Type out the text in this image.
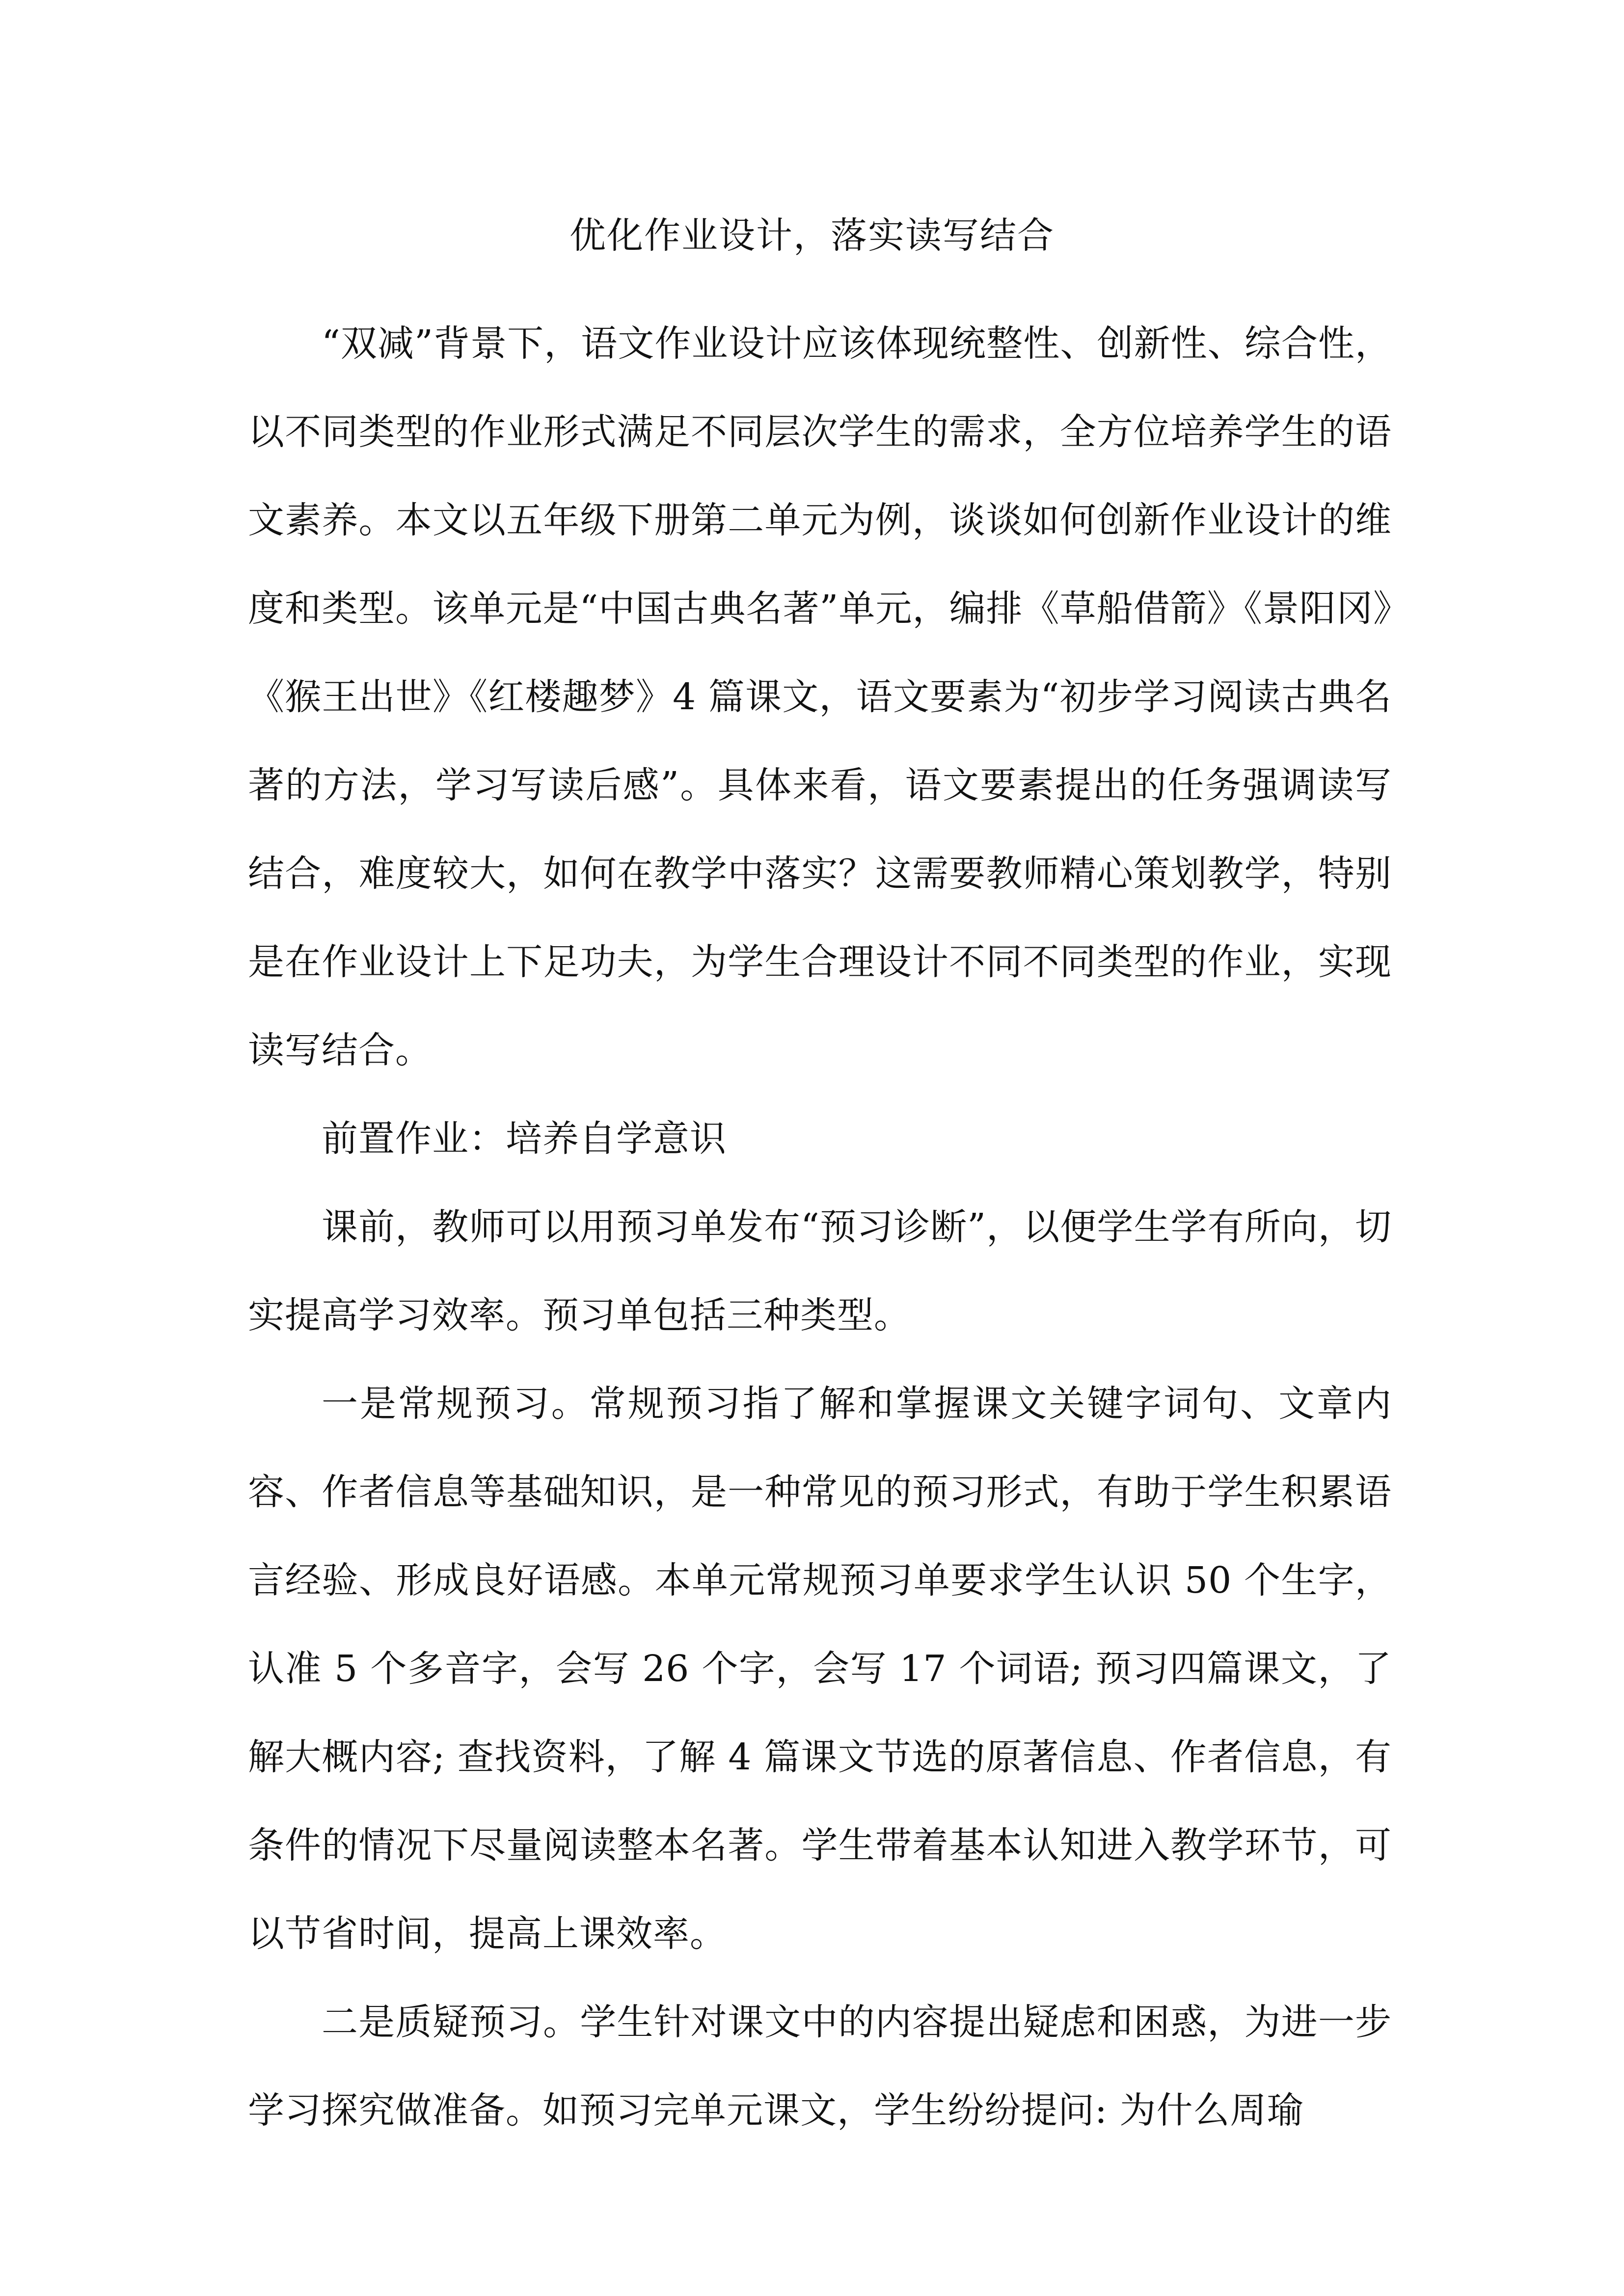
优化作业设计，落实读写结合

“双减”背景下，语文作业设计应该体现统整性、创新性、综合性，以不同类型的作业形式满足不同层次学生的需求，全方位培养学生的语文素养。本文以五年级下册第二单元为例，谈谈如何创新作业设计的维度和类型。该单元是“中国古典名著”单元，编排《草船借箭》《景阳冈》《猴王出世》《红楼趣梦》4 篇课文，语文要素为“初步学习阅读古典名著的方法，学习写读后感”。具体来看，语文要素提出的任务强调读写结合，难度较大，如何在教学中落实？这需要教师精心策划教学，特别是在作业设计上下足功夫，为学生合理设计不同不同类型的作业，实现读写结合。

前置作业：培养自学意识

课前，教师可以用预习单发布“预习诊断”，以便学生学有所向，切实提高学习效率。预习单包括三种类型。

一是常规预习。常规预习指了解和掌握课文关键字词句、文章内容、作者信息等基础知识，是一种常见的预习形式，有助于学生积累语言经验、形成良好语感。本单元常规预习单要求学生认识 50 个生字，认准 5 个多音字，会写 26 个字，会写 17 个词语; 预习四篇课文，了解大概内容; 查找资料，了解 4 篇课文节选的原著信息、作者信息，有条件的情况下尽量阅读整本名著。学生带着基本认知进入教学环节，可以节省时间，提高上课效率。

二是质疑预习。学生针对课文中的内容提出疑虑和困惑，为进一步学习探究做准备。如预习完单元课文，学生纷纷提问: 为什么周瑜
